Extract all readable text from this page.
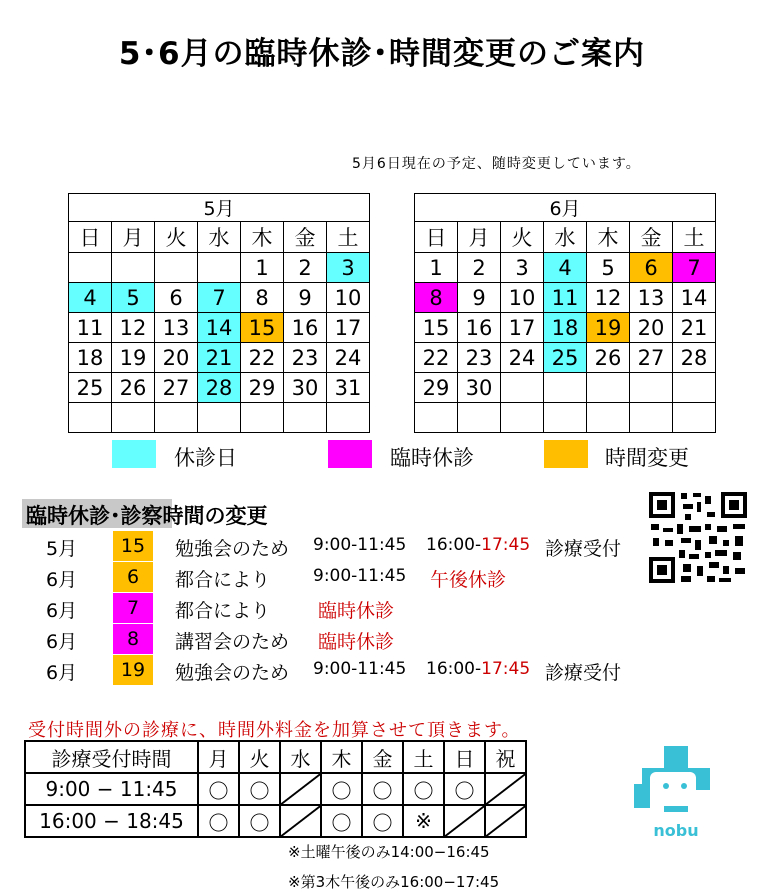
5･6月の臨時休診･時間変更のご案内
5月6日現在の予定、随時変更しています。
5月						
日	月	火	水	木	金	土
				1	2	3
4	5	6	7	8	9	10
11	12	13	14	15	16	17
18	19	20	21	22	23	24
25	26	27	28	29	30	31

6月						
日	月	火	水	木	金	土
1	2	3	4	5	6	7
8	9	10	11	12	13	14
15	16	17	18	19	20	21
22	23	24	25	26	27	28
29	30					

休診日	臨時休診	時間変更
臨時休診･診察時間の変更
5月	15	勉強会のため 9:00-11:45 16:00-17:45 診療受付
6月	6	都合により	9:00-11:45 午後休診
6月	7	都合により	臨時休診
6月	8	講習会のため 臨時休診
6月	19	勉強会のため 9:00-11:45 16:00-17:45 診療受付
受付時間外の診療に、時間外料金を加算させて頂きます。
診療受付時間	月	火	水	木	金	土	日	祝
9:00 − 11:45	〇	〇		〇	〇	〇	〇	
16:00 − 18:45	〇	〇		〇	〇	※		
※土曜午後のみ14:00−16:45
※第3木午後のみ16:00−17:45
nobu
